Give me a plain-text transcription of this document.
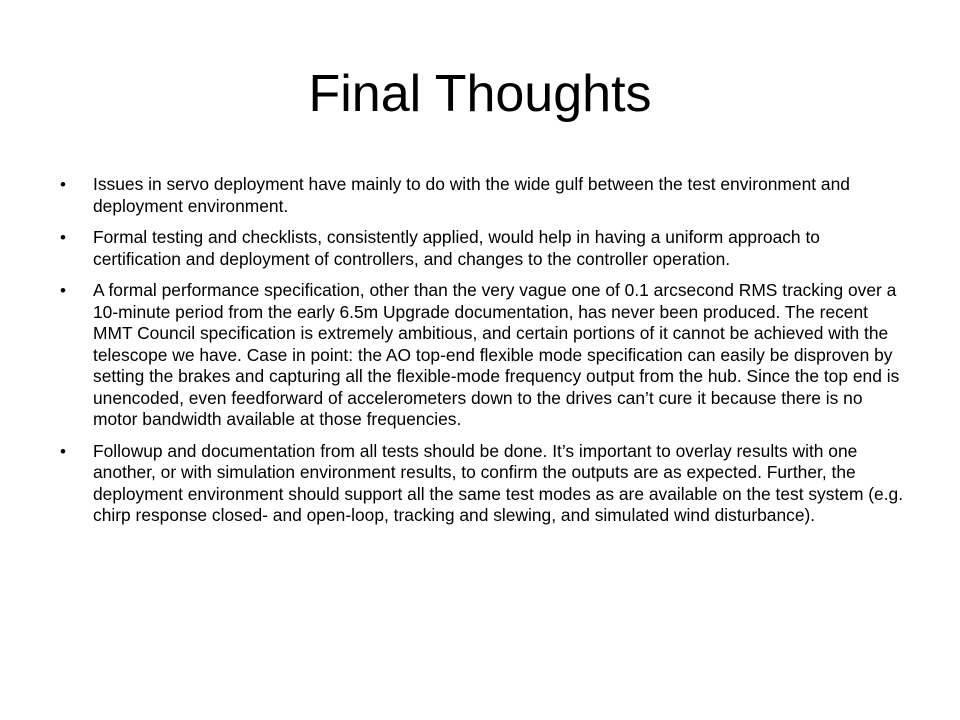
Final Thoughts
• Issues in servo deployment have mainly to do with the wide gulf between the test environment and deployment environment.
• Formal testing and checklists, consistently applied, would help in having a uniform approach to certification and deployment of controllers, and changes to the controller operation.
• A formal performance specification, other than the very vague one of 0.1 arcsecond RMS tracking over a 10-minute period from the early 6.5m Upgrade documentation, has never been produced. The recent MMT Council specification is extremely ambitious, and certain portions of it cannot be achieved with the telescope we have. Case in point: the AO top-end flexible mode specification can easily be disproven by setting the brakes and capturing all the flexible-mode frequency output from the hub. Since the top end is unencoded, even feedforward of accelerometers down to the drives can’t cure it because there is no motor bandwidth available at those frequencies.
• Followup and documentation from all tests should be done. It’s important to overlay results with one another, or with simulation environment results, to confirm the outputs are as expected. Further, the deployment environment should support all the same test modes as are available on the test system (e.g. chirp response closed- and open-loop, tracking and slewing, and simulated wind disturbance).
